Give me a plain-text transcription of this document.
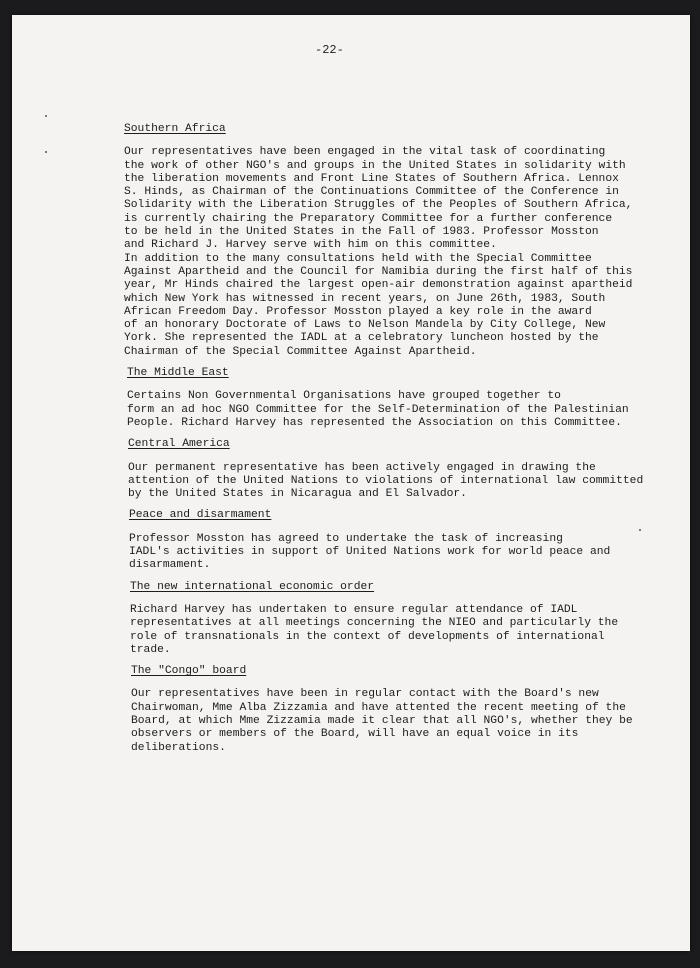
-22-
Southern Africa
Our representatives have been engaged in the vital task of coordinating
the work of other NGO's and groups in the United States in solidarity with
the liberation movements and Front Line States of Southern Africa. Lennox
S. Hinds, as Chairman of the Continuations Committee of the Conference in
Solidarity with the Liberation Struggles of the Peoples of Southern Africa,
is currently chairing the Preparatory Committee for a further conference
to be held in the United States in the Fall of 1983. Professor Mosston
and Richard J. Harvey serve with him on this committee.
In addition to the many consultations held with the Special Committee
Against Apartheid and the Council for Namibia during the first half of this
year, Mr Hinds chaired the largest open-air demonstration against apartheid
which New York has witnessed in recent years, on June 26th, 1983, South
African Freedom Day. Professor Mosston played a key role in the award
of an honorary Doctorate of Laws to Nelson Mandela by City College, New
York. She represented the IADL at a celebratory luncheon hosted by the
Chairman of the Special Committee Against Apartheid.
The Middle East
Certains Non Governmental Organisations have grouped together to
form an ad hoc NGO Committee for the Self-Determination of the Palestinian
People. Richard Harvey has represented the Association on this Committee.
Central America
Our permanent representative has been actively engaged in drawing the
attention of the United Nations to violations of international law committed
by the United States in Nicaragua and El Salvador.
Peace and disarmament
Professor Mosston has agreed to undertake the task of increasing
IADL's activities in support of United Nations work for world peace and
disarmament.
The new international economic order
Richard Harvey has undertaken to ensure regular attendance of IADL
representatives at all meetings concerning the NIEO and particularly the
role of transnationals in the context of developments of international trade.
The "Congo" board
Our representatives have been in regular contact with the Board's new
Chairwoman, Mme Alba Zizzamia and have attented the recent meeting of the
Board, at which Mme Zizzamia made it clear that all NGO's, whether they be
observers or members of the Board, will have an equal voice in its
deliberations.
